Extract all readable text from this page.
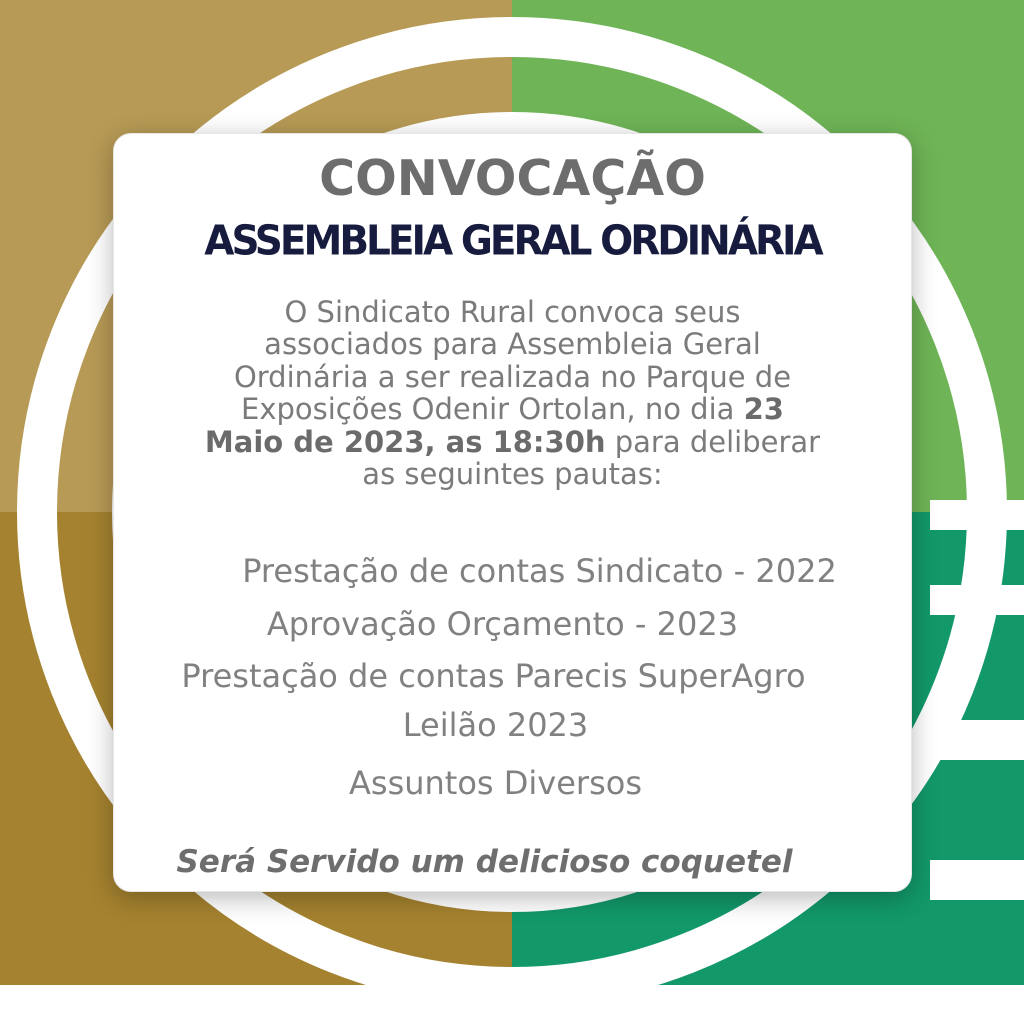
CONVOCAÇÃO
ASSEMBLEIA GERAL ORDINÁRIA
O Sindicato Rural convoca seus
associados para Assembleia Geral
Ordinária a ser realizada no Parque de
Exposições Odenir Ortolan, no dia 23
Maio de 2023, as 18:30h para deliberar
as seguintes pautas:

Prestação de contas Sindicato - 2022

Aprovação Orçamento - 2023

Prestação de contas Parecis SuperAgro

Leilão 2023

Assuntos Diversos

Será Servido um delicioso coquetel
